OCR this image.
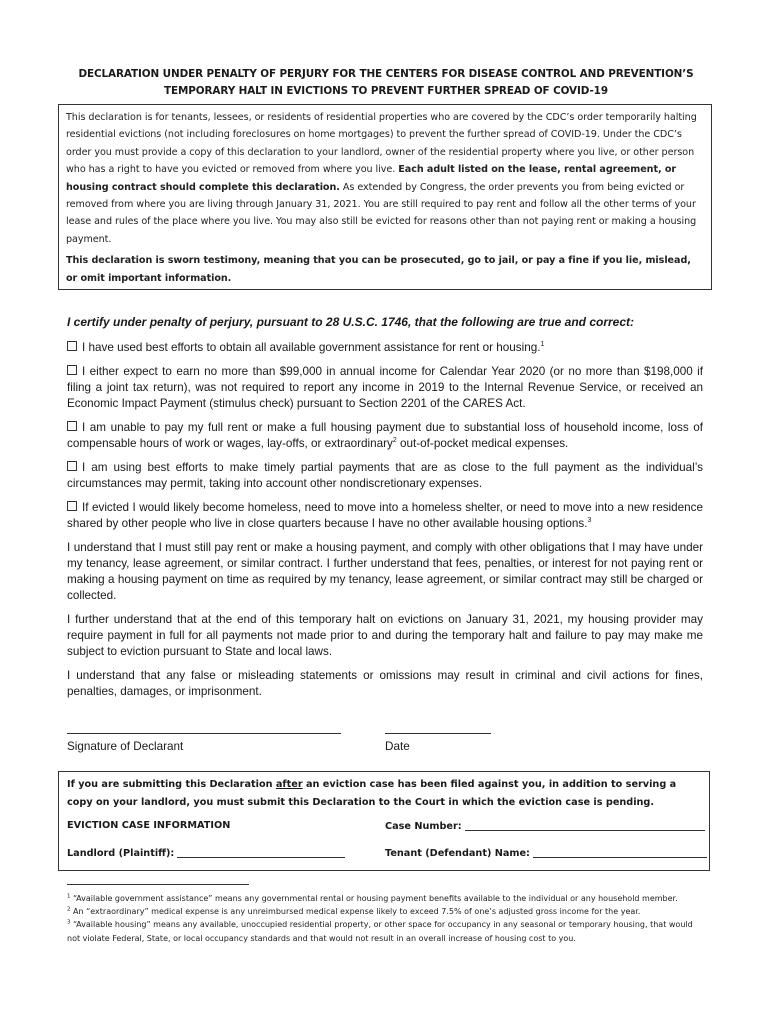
DECLARATION UNDER PENALTY OF PERJURY FOR THE CENTERS FOR DISEASE CONTROL AND PREVENTION’S
TEMPORARY HALT IN EVICTIONS TO PREVENT FURTHER SPREAD OF COVID-19

This declaration is for tenants, lessees, or residents of residential properties who are covered by the CDC’s order temporarily halting residential evictions (not including foreclosures on home mortgages) to prevent the further spread of COVID-19. Under the CDC’s order you must provide a copy of this declaration to your landlord, owner of the residential property where you live, or other person who has a right to have you evicted or removed from where you live. Each adult listed on the lease, rental agreement, or housing contract should complete this declaration. As extended by Congress, the order prevents you from being evicted or removed from where you are living through January 31, 2021. You are still required to pay rent and follow all the other terms of your lease and rules of the place where you live. You may also still be evicted for reasons other than not paying rent or making a housing payment.

This declaration is sworn testimony, meaning that you can be prosecuted, go to jail, or pay a fine if you lie, mislead, or omit important information.

I certify under penalty of perjury, pursuant to 28 U.S.C. 1746, that the following are true and correct:

I have used best efforts to obtain all available government assistance for rent or housing.$^1$

I either expect to earn no more than $99,000 in annual income for Calendar Year 2020 (or no more than $198,000 if filing a joint tax return), was not required to report any income in 2019 to the Internal Revenue Service, or received an Economic Impact Payment (stimulus check) pursuant to Section 2201 of the CARES Act.

I am unable to pay my full rent or make a full housing payment due to substantial loss of household income, loss of compensable hours of work or wages, lay-offs, or extraordinary$^2$ out-of-pocket medical expenses.

I am using best efforts to make timely partial payments that are as close to the full payment as the individual’s circumstances may permit, taking into account other nondiscretionary expenses.

If evicted I would likely become homeless, need to move into a homeless shelter, or need to move into a new residence shared by other people who live in close quarters because I have no other available housing options.$^3$

I understand that I must still pay rent or make a housing payment, and comply with other obligations that I may have under my tenancy, lease agreement, or similar contract. I further understand that fees, penalties, or interest for not paying rent or making a housing payment on time as required by my tenancy, lease agreement, or similar contract may still be charged or collected.

I further understand that at the end of this temporary halt on evictions on January 31, 2021, my housing provider may require payment in full for all payments not made prior to and during the temporary halt and failure to pay may make me subject to eviction pursuant to State and local laws.

I understand that any false or misleading statements or omissions may result in criminal and civil actions for fines, penalties, damages, or imprisonment.

Signature of Declarant	Date
If you are submitting this Declaration after an eviction case has been filed against you, in addition to serving a copy on your landlord, you must submit this Declaration to the Court in which the eviction case is pending.
EVICTION CASE INFORMATION	Case Number:
Landlord (Plaintiff):	Tenant (Defendant) Name:

$^1$ “Available government assistance” means any governmental rental or housing payment benefits available to the individual or any household member.

$^2$ An “extraordinary” medical expense is any unreimbursed medical expense likely to exceed 7.5% of one’s adjusted gross income for the year.

$^3$ “Available housing” means any available, unoccupied residential property, or other space for occupancy in any seasonal or temporary housing, that would not violate Federal, State, or local occupancy standards and that would not result in an overall increase of housing cost to you.
